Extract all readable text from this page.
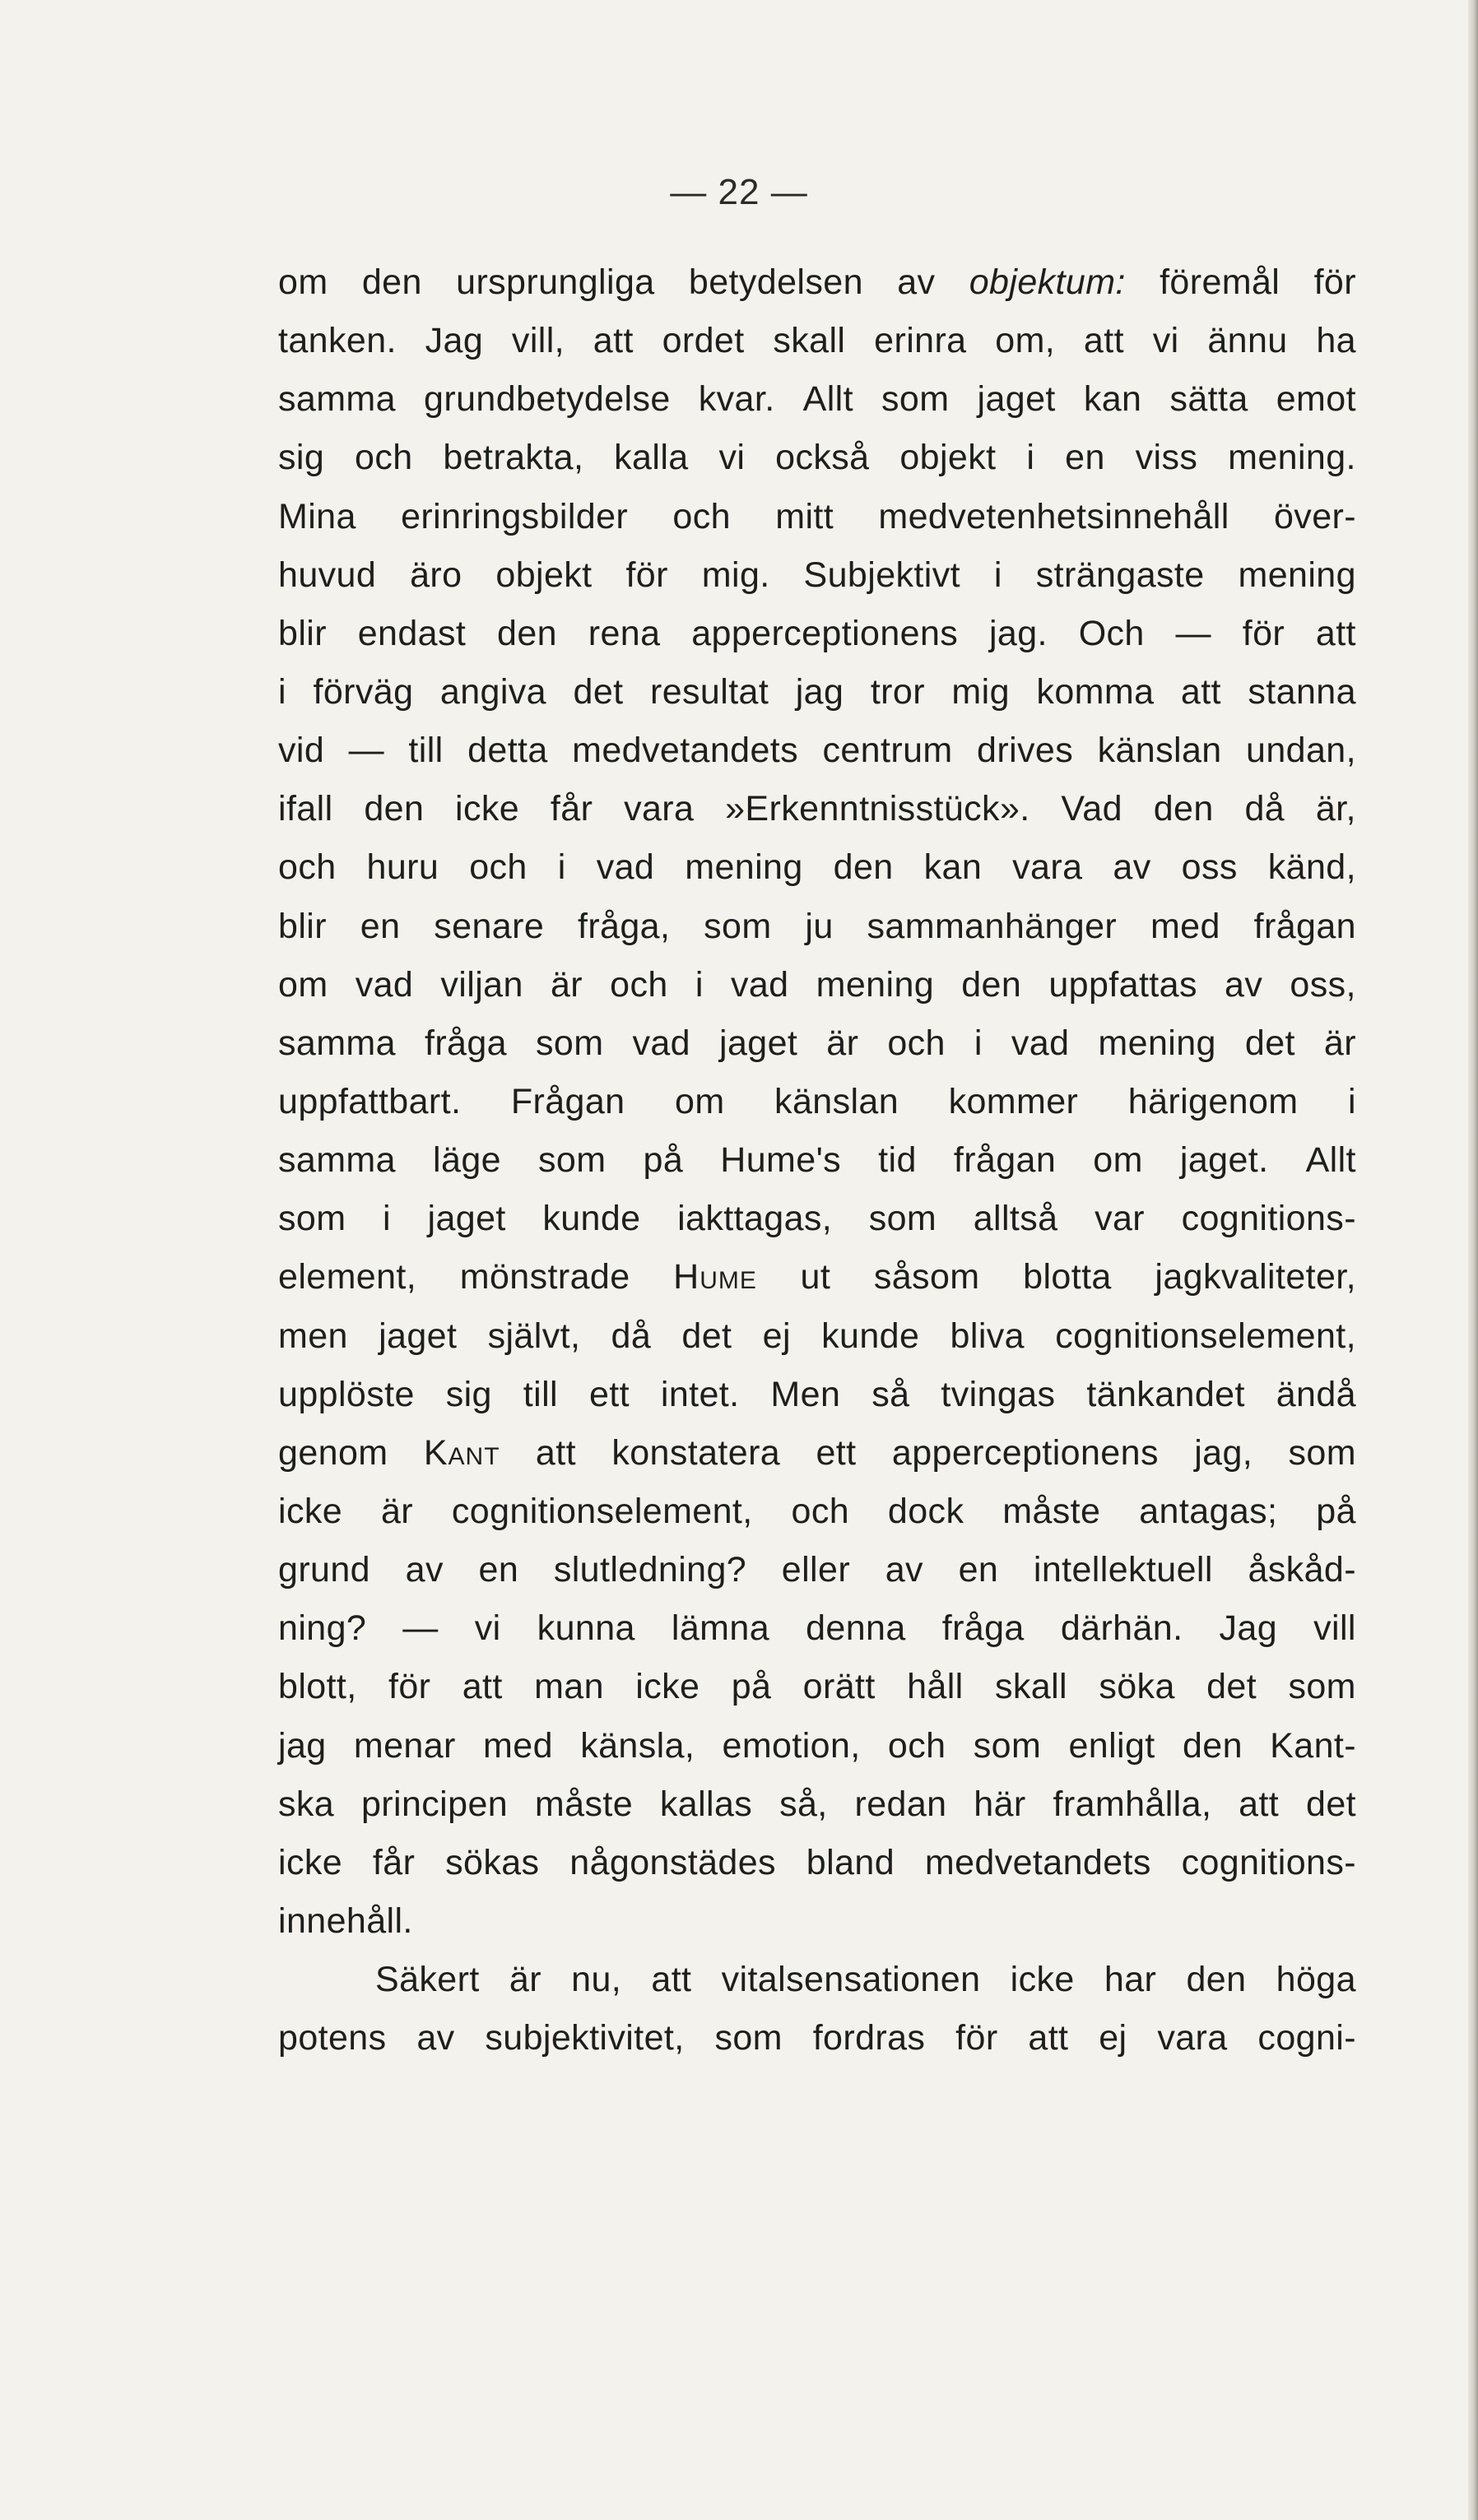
— 22 —
om den ursprungliga betydelsen av objektum: föremål för
tanken. Jag vill, att ordet skall erinra om, att vi ännu ha
samma grundbetydelse kvar. Allt som jaget kan sätta emot
sig och betrakta, kalla vi också objekt i en viss mening.
Mina erinringsbilder och mitt medvetenhetsinnehåll över-
huvud äro objekt för mig. Subjektivt i strängaste mening
blir endast den rena apperceptionens jag. Och — för att
i förväg angiva det resultat jag tror mig komma att stanna
vid — till detta medvetandets centrum drives känslan undan,
ifall den icke får vara »Erkenntnisstück». Vad den då är,
och huru och i vad mening den kan vara av oss känd,
blir en senare fråga, som ju sammanhänger med frågan
om vad viljan är och i vad mening den uppfattas av oss,
samma fråga som vad jaget är och i vad mening det är
uppfattbart. Frågan om känslan kommer härigenom i
samma läge som på Hume's tid frågan om jaget. Allt
som i jaget kunde iakttagas, som alltså var cognitions-
element, mönstrade Hume ut såsom blotta jagkvaliteter,
men jaget självt, då det ej kunde bliva cognitionselement,
upplöste sig till ett intet. Men så tvingas tänkandet ändå
genom Kant att konstatera ett apperceptionens jag, som
icke är cognitionselement, och dock måste antagas; på
grund av en slutledning? eller av en intellektuell åskåd-
ning? — vi kunna lämna denna fråga därhän. Jag vill
blott, för att man icke på orätt håll skall söka det som
jag menar med känsla, emotion, och som enligt den Kant-
ska principen måste kallas så, redan här framhålla, att det
icke får sökas någonstädes bland medvetandets cognitions-
innehåll.
Säkert är nu, att vitalsensationen icke har den höga
potens av subjektivitet, som fordras för att ej vara cogni-
